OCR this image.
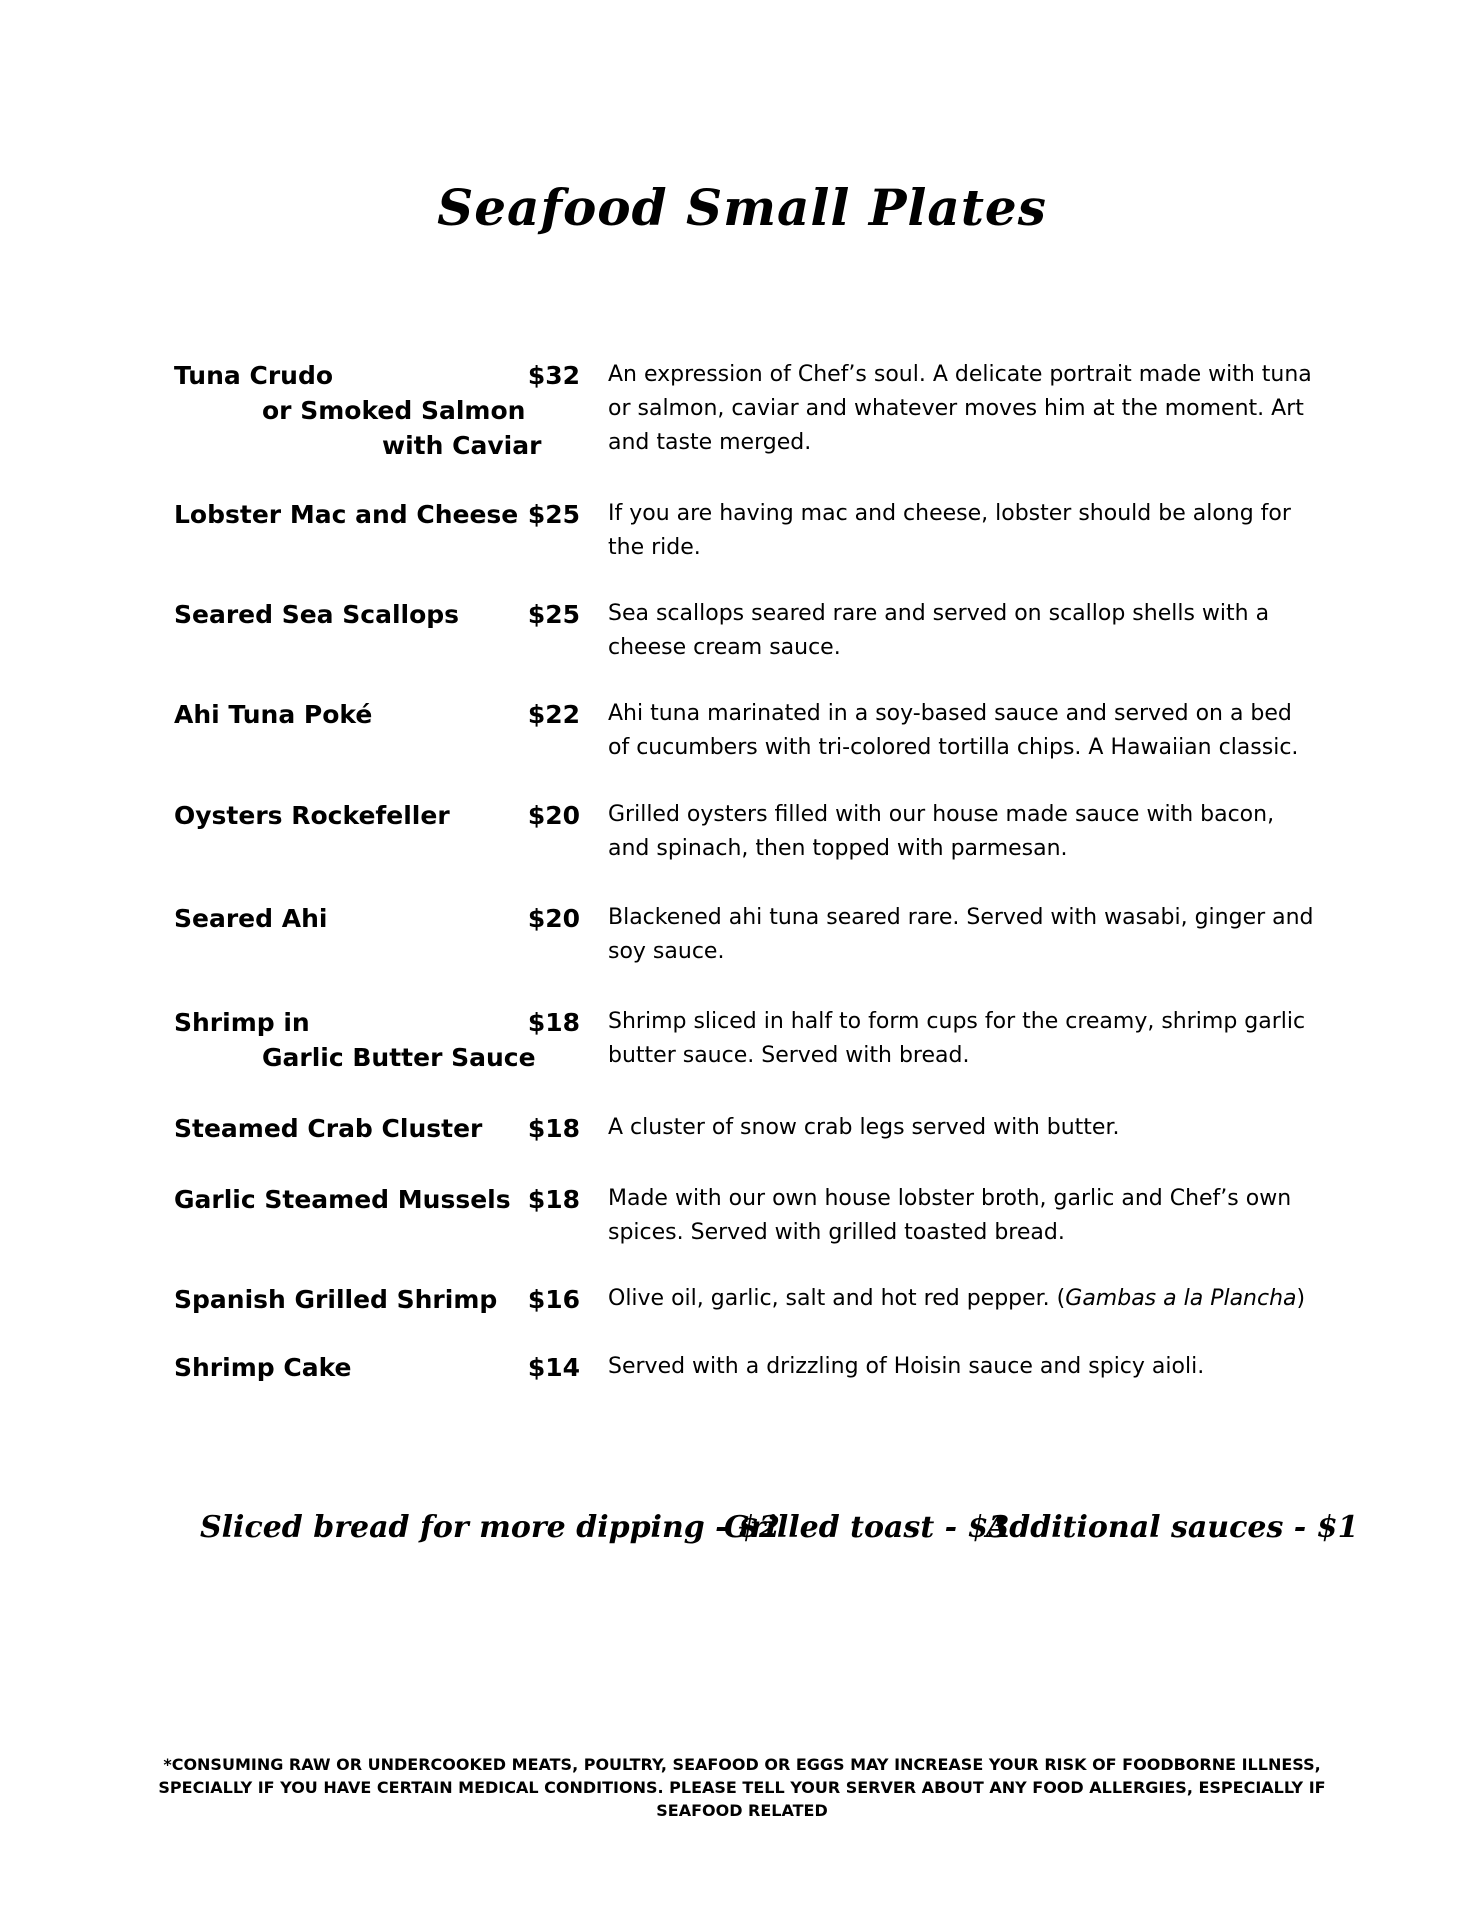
Seafood Small Plates
Tuna Crudo
or Smoked Salmon
with Caviar
$32 An expression of Chef’s soul. A delicate portrait made with tuna or salmon, caviar and whatever moves him at the moment. Art and taste merged.
Lobster Mac and Cheese $25 If you are having mac and cheese, lobster should be along for the ride.
Seared Sea Scallops	$25 Sea scallops seared rare and served on scallop shells with a cheese cream sauce.
Ahi Tuna Poké	$22 Ahi tuna marinated in a soy-based sauce and served on a bed of cucumbers with tri-colored tortilla chips. A Hawaiian classic.
Oysters Rockefeller	$20 Grilled oysters filled with our house made sauce with bacon, and spinach, then topped with parmesan.
Seared Ahi	$20 Blackened ahi tuna seared rare. Served with wasabi, ginger and soy sauce.
Shrimp in
Garlic Butter Sauce
$18 Shrimp sliced in half to form cups for the creamy, shrimp garlic butter sauce. Served with bread.
Steamed Crab Cluster	$18 A cluster of snow crab legs served with butter.
Garlic Steamed Mussels $18 Made with our own house lobster broth, garlic and Chef’s own spices. Served with grilled toasted bread.
Spanish Grilled Shrimp	$16 Olive oil, garlic, salt and hot red pepper. (Gambas a la Plancha)
Shrimp Cake	$14 Served with a drizzling of Hoisin sauce and spicy aioli.
Sliced bread for more dipping - $2
Grilled toast - $3
Additional sauces - $1
*CONSUMING RAW OR UNDERCOOKED MEATS, POULTRY, SEAFOOD OR EGGS MAY INCREASE YOUR RISK OF FOODBORNE ILLNESS, SPECIALLY IF YOU HAVE CERTAIN MEDICAL CONDITIONS. PLEASE TELL YOUR SERVER ABOUT ANY FOOD ALLERGIES, ESPECIALLY IF SEAFOOD RELATED
